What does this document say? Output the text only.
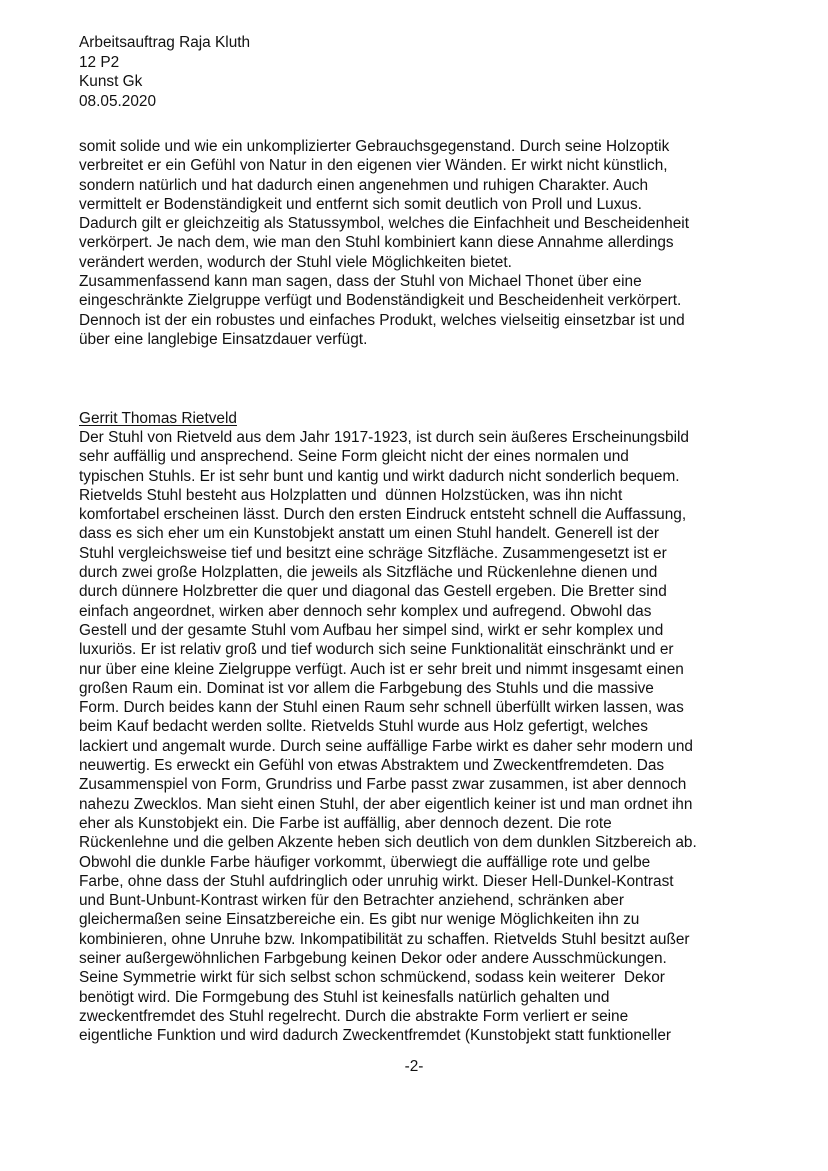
Arbeitsauftrag Raja Kluth
12 P2
Kunst Gk
08.05.2020
somit solide und wie ein unkomplizierter Gebrauchsgegenstand. Durch seine Holzoptik
verbreitet er ein Gefühl von Natur in den eigenen vier Wänden. Er wirkt nicht künstlich,
sondern natürlich und hat dadurch einen angenehmen und ruhigen Charakter. Auch
vermittelt er Bodenständigkeit und entfernt sich somit deutlich von Proll und Luxus.
Dadurch gilt er gleichzeitig als Statussymbol, welches die Einfachheit und Bescheidenheit
verkörpert. Je nach dem, wie man den Stuhl kombiniert kann diese Annahme allerdings
verändert werden, wodurch der Stuhl viele Möglichkeiten bietet.
Zusammenfassend kann man sagen, dass der Stuhl von Michael Thonet über eine
eingeschränkte Zielgruppe verfügt und Bodenständigkeit und Bescheidenheit verkörpert.
Dennoch ist der ein robustes und einfaches Produkt, welches vielseitig einsetzbar ist und
über eine langlebige Einsatzdauer verfügt.
Gerrit Thomas Rietveld
Der Stuhl von Rietveld aus dem Jahr 1917-1923, ist durch sein äußeres Erscheinungsbild
sehr auffällig und ansprechend. Seine Form gleicht nicht der eines normalen und
typischen Stuhls. Er ist sehr bunt und kantig und wirkt dadurch nicht sonderlich bequem.
Rietvelds Stuhl besteht aus Holzplatten und  dünnen Holzstücken, was ihn nicht
komfortabel erscheinen lässt. Durch den ersten Eindruck entsteht schnell die Auffassung,
dass es sich eher um ein Kunstobjekt anstatt um einen Stuhl handelt. Generell ist der
Stuhl vergleichsweise tief und besitzt eine schräge Sitzfläche. Zusammengesetzt ist er
durch zwei große Holzplatten, die jeweils als Sitzfläche und Rückenlehne dienen und
durch dünnere Holzbretter die quer und diagonal das Gestell ergeben. Die Bretter sind
einfach angeordnet, wirken aber dennoch sehr komplex und aufregend. Obwohl das
Gestell und der gesamte Stuhl vom Aufbau her simpel sind, wirkt er sehr komplex und
luxuriös. Er ist relativ groß und tief wodurch sich seine Funktionalität einschränkt und er
nur über eine kleine Zielgruppe verfügt. Auch ist er sehr breit und nimmt insgesamt einen
großen Raum ein. Dominat ist vor allem die Farbgebung des Stuhls und die massive
Form. Durch beides kann der Stuhl einen Raum sehr schnell überfüllt wirken lassen, was
beim Kauf bedacht werden sollte. Rietvelds Stuhl wurde aus Holz gefertigt, welches
lackiert und angemalt wurde. Durch seine auffällige Farbe wirkt es daher sehr modern und
neuwertig. Es erweckt ein Gefühl von etwas Abstraktem und Zweckentfremdeten. Das
Zusammenspiel von Form, Grundriss und Farbe passt zwar zusammen, ist aber dennoch
nahezu Zwecklos. Man sieht einen Stuhl, der aber eigentlich keiner ist und man ordnet ihn
eher als Kunstobjekt ein. Die Farbe ist auffällig, aber dennoch dezent. Die rote
Rückenlehne und die gelben Akzente heben sich deutlich von dem dunklen Sitzbereich ab.
Obwohl die dunkle Farbe häufiger vorkommt, überwiegt die auffällige rote und gelbe
Farbe, ohne dass der Stuhl aufdringlich oder unruhig wirkt. Dieser Hell-Dunkel-Kontrast
und Bunt-Unbunt-Kontrast wirken für den Betrachter anziehend, schränken aber
gleichermaßen seine Einsatzbereiche ein. Es gibt nur wenige Möglichkeiten ihn zu
kombinieren, ohne Unruhe bzw. Inkompatibilität zu schaffen. Rietvelds Stuhl besitzt außer
seiner außergewöhnlichen Farbgebung keinen Dekor oder andere Ausschmückungen.
Seine Symmetrie wirkt für sich selbst schon schmückend, sodass kein weiterer  Dekor
benötigt wird. Die Formgebung des Stuhl ist keinesfalls natürlich gehalten und
zweckentfremdet des Stuhl regelrecht. Durch die abstrakte Form verliert er seine
eigentliche Funktion und wird dadurch Zweckentfremdet (Kunstobjekt statt funktioneller
-2-
